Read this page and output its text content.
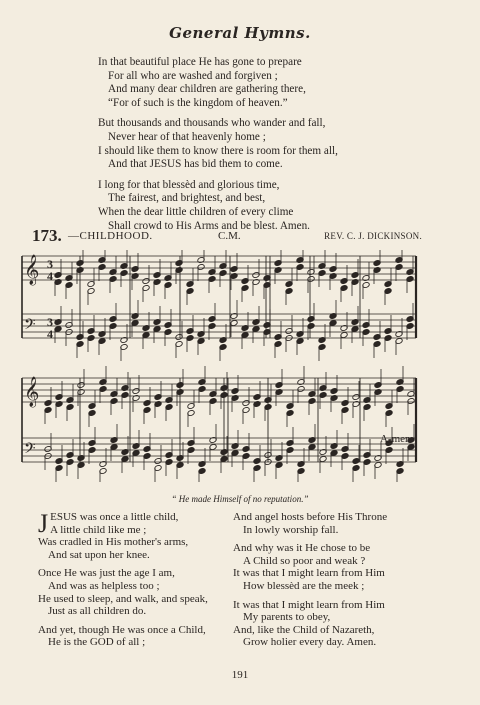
General Hymns.
In that beautiful place He has gone to prepare
For all who are washed and forgiven ;
And many dear children are gathering there,
“For of such is the kingdom of heaven.”
But thousands and thousands who wander and fall,
Never hear of that heavenly home ;
I should like them to know there is room for them all,
And that JESUS has bid them to come.
I long for that blessèd and glorious time,
The fairest, and brightest, and best,
When the dear little children of every clime
Shall crowd to His Arms and be blest. Amen.
173. —CHILDHOOD.	C.M.	REV. C. J. DICKINSON.
𝄞
𝄢
𝄞
𝄢
3
4
3
4
A-men.
“ He made Himself of no reputation.”
J ESUS was once a little child,
A little child like me ;
Was cradled in His mother's arms,
And sat upon her knee.
Once He was just the age I am,
And was as helpless too ;
He used to sleep, and walk, and speak,
Just as all children do.
And yet, though He was once a Child,
He is the GOD of all ;
And angel hosts before His Throne
In lowly worship fall.
And why was it He chose to be
A Child so poor and weak ?
It was that I might learn from Him
How blessèd are the meek ;
It was that I might learn from Him
My parents to obey,
And, like the Child of Nazareth,
Grow holier every day. Amen.
191
